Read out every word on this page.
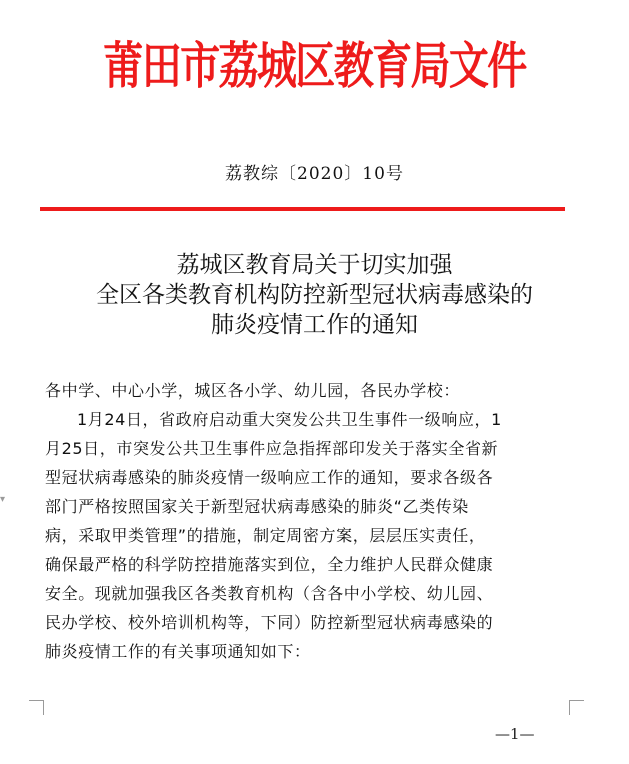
莆田市荔城区教育局文件
荔教综〔2020〕10号
荔城区教育局关于切实加强
全区各类教育机构防控新型冠状病毒感染的
肺炎疫情工作的通知
各中学、中心小学，城区各小学、幼儿园，各民办学校：
1月24日，省政府启动重大突发公共卫生事件一级响应，1
月25日，市突发公共卫生事件应急指挥部印发关于落实全省新
型冠状病毒感染的肺炎疫情一级响应工作的通知，要求各级各
部门严格按照国家关于新型冠状病毒感染的肺炎“乙类传染
病，采取甲类管理”的措施，制定周密方案，层层压实责任，
确保最严格的科学防控措施落实到位，全力维护人民群众健康
安全。现就加强我区各类教育机构（含各中小学校、幼儿园、
民办学校、校外培训机构等，下同）防控新型冠状病毒感染的
肺炎疫情工作的有关事项通知如下：
▾
—1—
